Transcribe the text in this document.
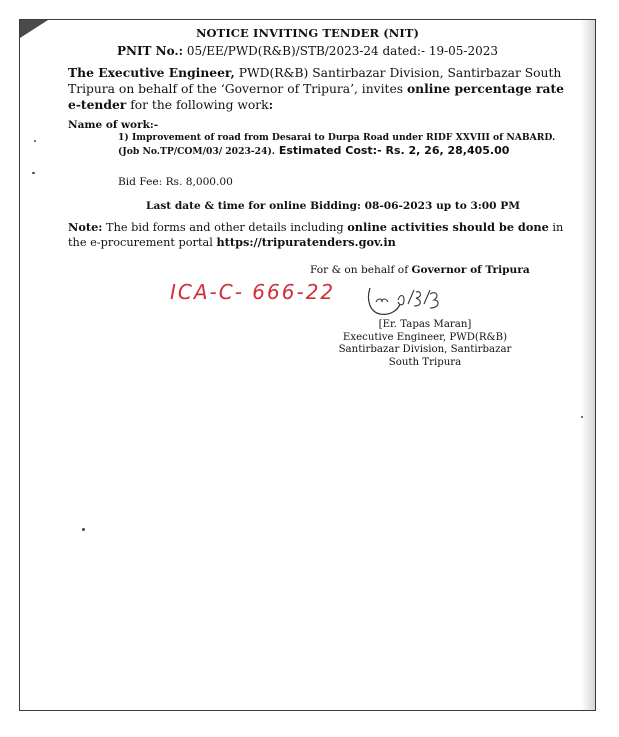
NOTICE INVITING TENDER (NIT)
PNIT No.: 05/EE/PWD(R&B)/STB/2023-24 dated:- 19-05-2023
The Executive Engineer, PWD(R&B) Santirbazar Division, Santirbazar South Tripura on behalf of the ‘Governor of Tripura’, invites online percentage rate e-tender for the following work:
Name of work:-
1) Improvement of road from Desarai to Durpa Road under RIDF XXVIII of NABARD. (Job No.TP/COM/03/ 2023-24). Estimated Cost:- Rs. 2, 26, 28,405.00
Bid Fee: Rs. 8,000.00
Last date & time for online Bidding: 08-06-2023 up to 3:00 PM
Note: The bid forms and other details including online activities should be done in the e-procurement portal https://tripuratenders.gov.in
For & on behalf of Governor of Tripura
ICA-C- 666-22
[Er. Tapas Maran]
Executive Engineer, PWD(R&B)
Santirbazar Division, Santirbazar
South Tripura
